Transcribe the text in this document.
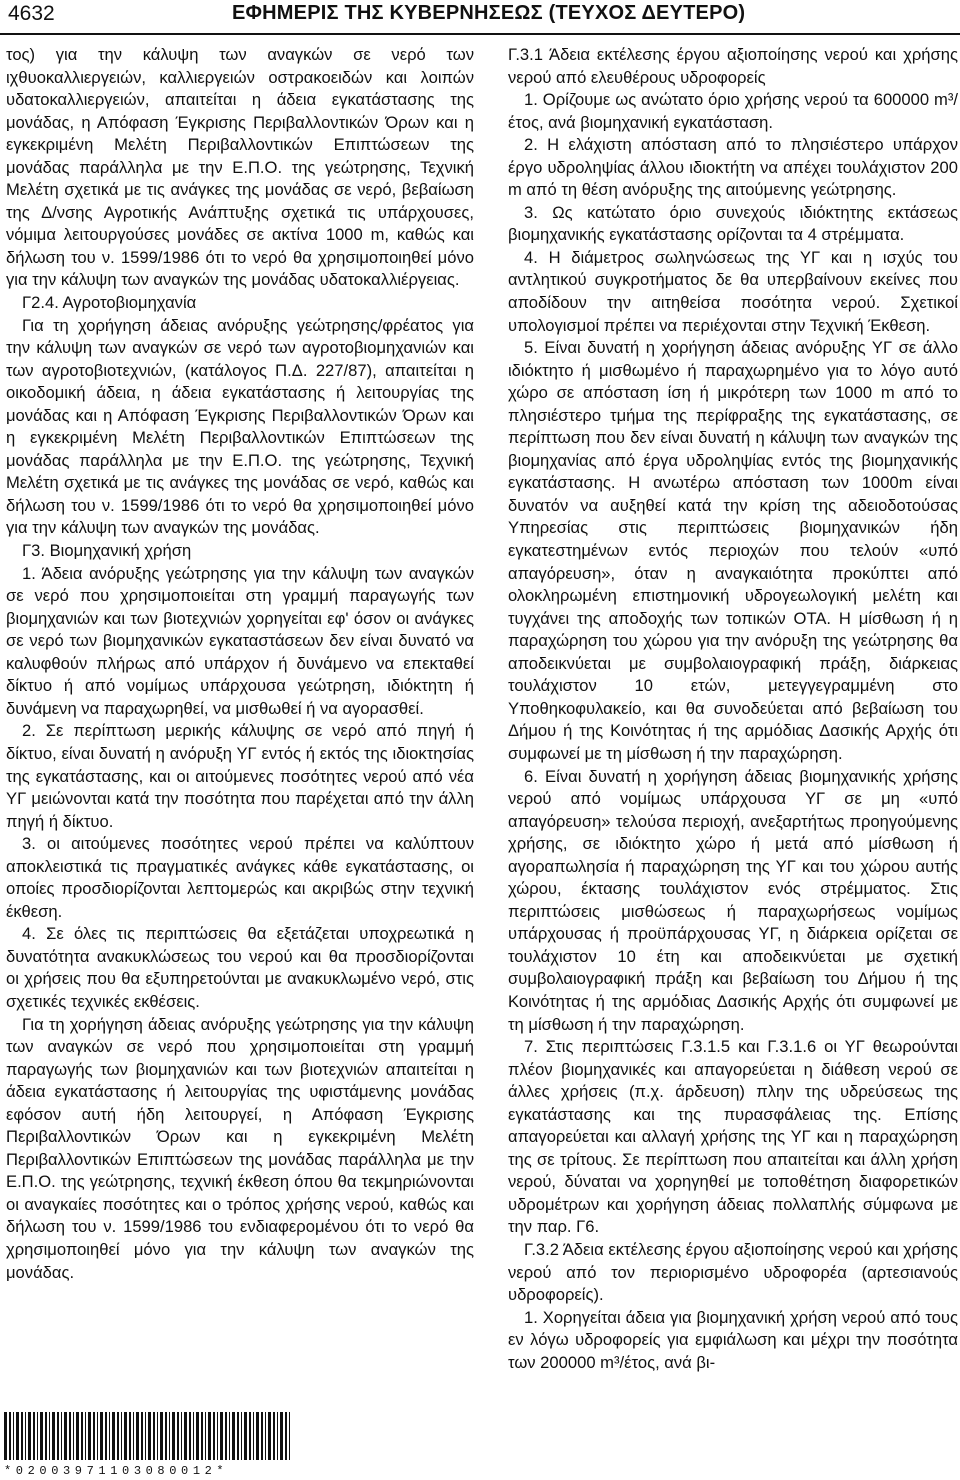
4632	ΕΦΗΜΕΡΙΣ ΤΗΣ ΚΥΒΕΡΝΗΣΕΩΣ (ΤΕΥΧΟΣ ΔΕΥΤΕΡΟ)

τος) για την κάλυψη των αναγκών σε νερό των ιχθυοκαλλιεργειών, καλλιεργειών οστρακοειδών και λοιπών υδατοκαλλιεργειών, απαιτείται η άδεια εγκατάστασης της μονάδας, η Απόφαση Έγκρισης Περιβαλλοντικών Όρων και η εγκεκριμένη Μελέτη Περιβαλλοντικών Επιπτώσεων της μονάδας παράλληλα με την Ε.Π.Ο. της γεώτρησης, Τεχνική Μελέτη σχετικά με τις ανάγκες της μονάδας σε νερό, βεβαίωση της Δ/νσης Αγροτικής Ανάπτυξης σχετικά τις υπάρχουσες, νόμιμα λειτουργούσες μονάδες σε ακτίνα 1000 m, καθώς και δήλωση του ν. 1599/1986 ότι το νερό θα χρησιμοποιηθεί μόνο για την κάλυψη των αναγκών της μονάδας υδατοκαλλιέργειας.

Γ2.4. Αγροτοβιομηχανία

Για τη χορήγηση άδειας ανόρυξης γεώτρησης/φρέατος για την κάλυψη των αναγκών σε νερό των αγροτοβιομηχανιών και των αγροτοβιοτεχνιών, (κατάλογος Π.Δ. 227/87), απαιτείται η οικοδομική άδεια, η άδεια εγκατάστασης ή λειτουργίας της μονάδας και η Απόφαση Έγκρισης Περιβαλλοντικών Όρων και η εγκεκριμένη Μελέτη Περιβαλλοντικών Επιπτώσεων της μονάδας παράλληλα με την Ε.Π.Ο. της γεώτρησης, Τεχνική Μελέτη σχετικά με τις ανάγκες της μονάδας σε νερό, καθώς και δήλωση του ν. 1599/1986 ότι το νερό θα χρησιμοποιηθεί μόνο για την κάλυψη των αναγκών της μονάδας.

Γ3. Βιομηχανική χρήση

1. Άδεια ανόρυξης γεώτρησης για την κάλυψη των αναγκών σε νερό που χρησιμοποιείται στη γραμμή παραγωγής των βιομηχανιών και των βιοτεχνιών χορηγείται εφ' όσον οι ανάγκες σε νερό των βιομηχανικών εγκαταστάσεων δεν είναι δυνατό να καλυφθούν πλήρως από υπάρχον ή δυνάμενο να επεκταθεί δίκτυο ή από νομίμως υπάρχουσα γεώτρηση, ιδιόκτητη ή δυνάμενη να παραχωρηθεί, να μισθωθεί ή να αγορασθεί.

2. Σε περίπτωση μερικής κάλυψης σε νερό από πηγή ή δίκτυο, είναι δυνατή η ανόρυξη ΥΓ εντός ή εκτός της ιδιοκτησίας της εγκατάστασης, και οι αιτούμενες ποσότητες νερού από νέα ΥΓ μειώνονται κατά την ποσότητα που παρέχεται από την άλλη πηγή ή δίκτυο.

3. οι αιτούμενες ποσότητες νερού πρέπει να καλύπτουν αποκλειστικά τις πραγματικές ανάγκες κάθε εγκατάστασης, οι οποίες προσδιορίζονται λεπτομερώς και ακριβώς στην τεχνική έκθεση.

4. Σε όλες τις περιπτώσεις θα εξετάζεται υποχρεωτικά η δυνατότητα ανακυκλώσεως του νερού και θα προσδιορίζονται οι χρήσεις που θα εξυπηρετούνται με ανακυκλωμένο νερό, στις σχετικές τεχνικές εκθέσεις.

Για τη χορήγηση άδειας ανόρυξης γεώτρησης για την κάλυψη των αναγκών σε νερό που χρησιμοποιείται στη γραμμή παραγωγής των βιομηχανιών και των βιοτεχνιών απαιτείται η άδεια εγκατάστασης ή λειτουργίας της υφιστάμενης μονάδας εφόσον αυτή ήδη λειτουργεί, η Απόφαση Έγκρισης Περιβαλλοντικών Όρων και η εγκεκριμένη Μελέτη Περιβαλλοντικών Επιπτώσεων της μονάδας παράλληλα με την Ε.Π.Ο. της γεώτρησης, τεχνική έκθεση όπου θα τεκμηριώνονται οι αναγκαίες ποσότητες και ο τρόπος χρήσης νερού, καθώς και δήλωση του ν. 1599/1986 του ενδιαφερομένου ότι το νερό θα χρησιμοποιηθεί μόνο για την κάλυψη των αναγκών της μονάδας.

Γ.3.1 Άδεια εκτέλεσης έργου αξιοποίησης νερού και χρήσης νερού από ελευθέρους υδροφορείς

1. Ορίζουμε ως ανώτατο όριο χρήσης νερού τα 600000 m³/έτος, ανά βιομηχανική εγκατάσταση.

2. Η ελάχιστη απόσταση από το πλησιέστερο υπάρχον έργο υδροληψίας άλλου ιδιοκτήτη να απέχει τουλάχιστον 200 m από τη θέση ανόρυξης της αιτούμενης γεώτρησης.

3. Ως κατώτατο όριο συνεχούς ιδιόκτητης εκτάσεως βιομηχανικής εγκατάστασης ορίζονται τα 4 στρέμματα.

4. Η διάμετρος σωληνώσεως της ΥΓ και η ισχύς του αντλητικού συγκροτήματος δε θα υπερβαίνουν εκείνες που αποδίδουν την αιτηθείσα ποσότητα νερού. Σχετικοί υπολογισμοί πρέπει να περιέχονται στην Τεχνική Έκθεση.

5. Είναι δυνατή η χορήγηση άδειας ανόρυξης ΥΓ σε άλλο ιδιόκτητο ή μισθωμένο ή παραχωρημένο για το λόγο αυτό χώρο σε απόσταση ίση ή μικρότερη των 1000 m από το πλησιέστερο τμήμα της περίφραξης της εγκατάστασης, σε περίπτωση που δεν είναι δυνατή η κάλυψη των αναγκών της βιομηχανίας από έργα υδροληψίας εντός της βιομηχανικής εγκατάστασης. Η ανωτέρω απόσταση των 1000m είναι δυνατόν να αυξηθεί κατά την κρίση της αδειοδοτούσας Υπηρεσίας στις περιπτώσεις βιομηχανικών ήδη εγκατεστημένων εντός περιοχών που τελούν «υπό απαγόρευση», όταν η αναγκαιότητα προκύπτει από ολοκληρωμένη επιστημονική υδρογεωλογική μελέτη και τυγχάνει της αποδοχής των τοπικών ΟΤΑ. Η μίσθωση ή η παραχώρηση του χώρου για την ανόρυξη της γεώτρησης θα αποδεικνύεται με συμβολαιογραφική πράξη, διάρκειας τουλάχιστον 10 ετών, μετεγγεγραμμένη στο Υποθηκοφυλακείο, και θα συνοδεύεται από βεβαίωση του Δήμου ή της Κοινότητας ή της αρμόδιας Δασικής Αρχής ότι συμφωνεί με τη μίσθωση ή την παραχώρηση.

6. Είναι δυνατή η χορήγηση άδειας βιομηχανικής χρήσης νερού από νομίμως υπάρχουσα ΥΓ σε μη «υπό απαγόρευση» τελούσα περιοχή, ανεξαρτήτως προηγούμενης χρήσης, σε ιδιόκτητο χώρο ή μετά από μίσθωση ή αγοραπωλησία ή παραχώρηση της ΥΓ και του χώρου αυτής χώρου, έκτασης τουλάχιστον ενός στρέμματος. Στις περιπτώσεις μισθώσεως ή παραχωρήσεως νομίμως υπάρχουσας ή προϋπάρχουσας ΥΓ, η διάρκεια ορίζεται σε τουλάχιστον 10 έτη και αποδεικνύεται με σχετική συμβολαιογραφική πράξη και βεβαίωση του Δήμου ή της Κοινότητας ή της αρμόδιας Δασικής Αρχής ότι συμφωνεί με τη μίσθωση ή την παραχώρηση.

7. Στις περιπτώσεις Γ.3.1.5 και Γ.3.1.6 οι ΥΓ θεωρούνται πλέον βιομηχανικές και απαγορεύεται η διάθεση νερού σε άλλες χρήσεις (π.χ. άρδευση) πλην της υδρεύσεως της εγκατάστασης και της πυρασφάλειας της. Επίσης απαγορεύεται και αλλαγή χρήσης της ΥΓ και η παραχώρηση της σε τρίτους. Σε περίπτωση που απαιτείται και άλλη χρήση νερού, δύναται να χορηγηθεί με τοποθέτηση διαφορετικών υδρομέτρων και χορήγηση άδειας πολλαπλής σύμφωνα με την παρ. Γ6.

Γ.3.2 Άδεια εκτέλεσης έργου αξιοποίησης νερού και χρήσης νερού από τον περιορισμένο υδροφορέα (αρτεσιανούς υδροφορείς).

1. Χορηγείται άδεια για βιομηχανική χρήση νερού από τους εν λόγω υδροφορείς για εμφιάλωση και μέχρι την ποσότητα των 200000 m³/έτος, ανά βι-

*02003971103080012*
